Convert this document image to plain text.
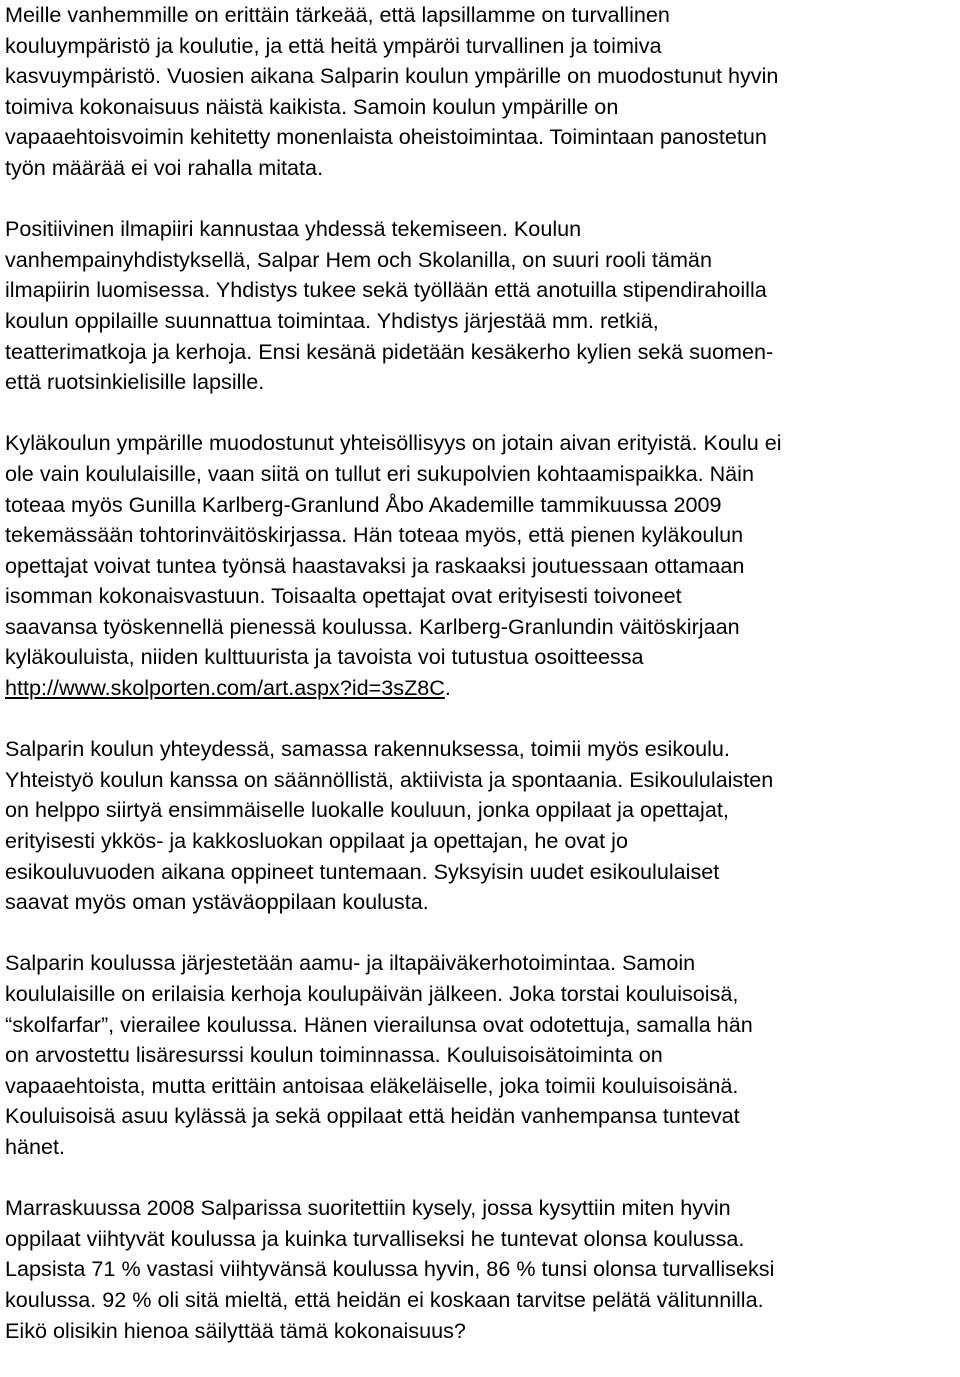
Meille vanhemmille on erittäin tärkeää, että lapsillamme on turvallinen
kouluympäristö ja koulutie, ja että heitä ympäröi turvallinen ja toimiva
kasvuympäristö. Vuosien aikana Salparin koulun ympärille on muodostunut hyvin
toimiva kokonaisuus näistä kaikista. Samoin koulun ympärille on
vapaaehtoisvoimin kehitetty monenlaista oheistoimintaa. Toimintaan panostetun
työn määrää ei voi rahalla mitata.
Positiivinen ilmapiiri kannustaa yhdessä tekemiseen. Koulun
vanhempainyhdistyksellä, Salpar Hem och Skolanilla, on suuri rooli tämän
ilmapiirin luomisessa. Yhdistys tukee sekä työllään että anotuilla stipendirahoilla
koulun oppilaille suunnattua toimintaa. Yhdistys järjestää mm. retkiä,
teatterimatkoja ja kerhoja. Ensi kesänä pidetään kesäkerho kylien sekä suomen-
että ruotsinkielisille lapsille.
Kyläkoulun ympärille muodostunut yhteisöllisyys on jotain aivan erityistä. Koulu ei
ole vain koululaisille, vaan siitä on tullut eri sukupolvien kohtaamispaikka. Näin
toteaa myös Gunilla Karlberg-Granlund Åbo Akademille tammikuussa 2009
tekemässään tohtorinväitöskirjassa. Hän toteaa myös, että pienen kyläkoulun
opettajat voivat tuntea työnsä haastavaksi ja raskaaksi joutuessaan ottamaan
isomman kokonaisvastuun. Toisaalta opettajat ovat erityisesti toivoneet
saavansa työskennellä pienessä koulussa. Karlberg-Granlundin väitöskirjaan
kyläkouluista, niiden kulttuurista ja tavoista voi tutustua osoitteessa
http://www.skolporten.com/art.aspx?id=3sZ8C.
Salparin koulun yhteydessä, samassa rakennuksessa, toimii myös esikoulu.
Yhteistyö koulun kanssa on säännöllistä, aktiivista ja spontaania. Esikoululaisten
on helppo siirtyä ensimmäiselle luokalle kouluun, jonka oppilaat ja opettajat,
erityisesti ykkös- ja kakkosluokan oppilaat ja opettajan, he ovat jo
esikouluvuoden aikana oppineet tuntemaan. Syksyisin uudet esikoululaiset
saavat myös oman ystäväoppilaan koulusta.
Salparin koulussa järjestetään aamu- ja iltapäiväkerhotoimintaa. Samoin
koululaisille on erilaisia kerhoja koulupäivän jälkeen. Joka torstai kouluisoisä,
“skolfarfar”, vierailee koulussa. Hänen vierailunsa ovat odotettuja, samalla hän
on arvostettu lisäresurssi koulun toiminnassa. Kouluisoisätoiminta on
vapaaehtoista, mutta erittäin antoisaa eläkeläiselle, joka toimii kouluisoisänä.
Kouluisoisä asuu kylässä ja sekä oppilaat että heidän vanhempansa tuntevat
hänet.
Marraskuussa 2008 Salparissa suoritettiin kysely, jossa kysyttiin miten hyvin
oppilaat viihtyvät koulussa ja kuinka turvalliseksi he tuntevat olonsa koulussa.
Lapsista 71 % vastasi viihtyvänsä koulussa hyvin, 86 % tunsi olonsa turvalliseksi
koulussa. 92 % oli sitä mieltä, että heidän ei koskaan tarvitse pelätä välitunnilla.
Eikö olisikin hienoa säilyttää tämä kokonaisuus?
